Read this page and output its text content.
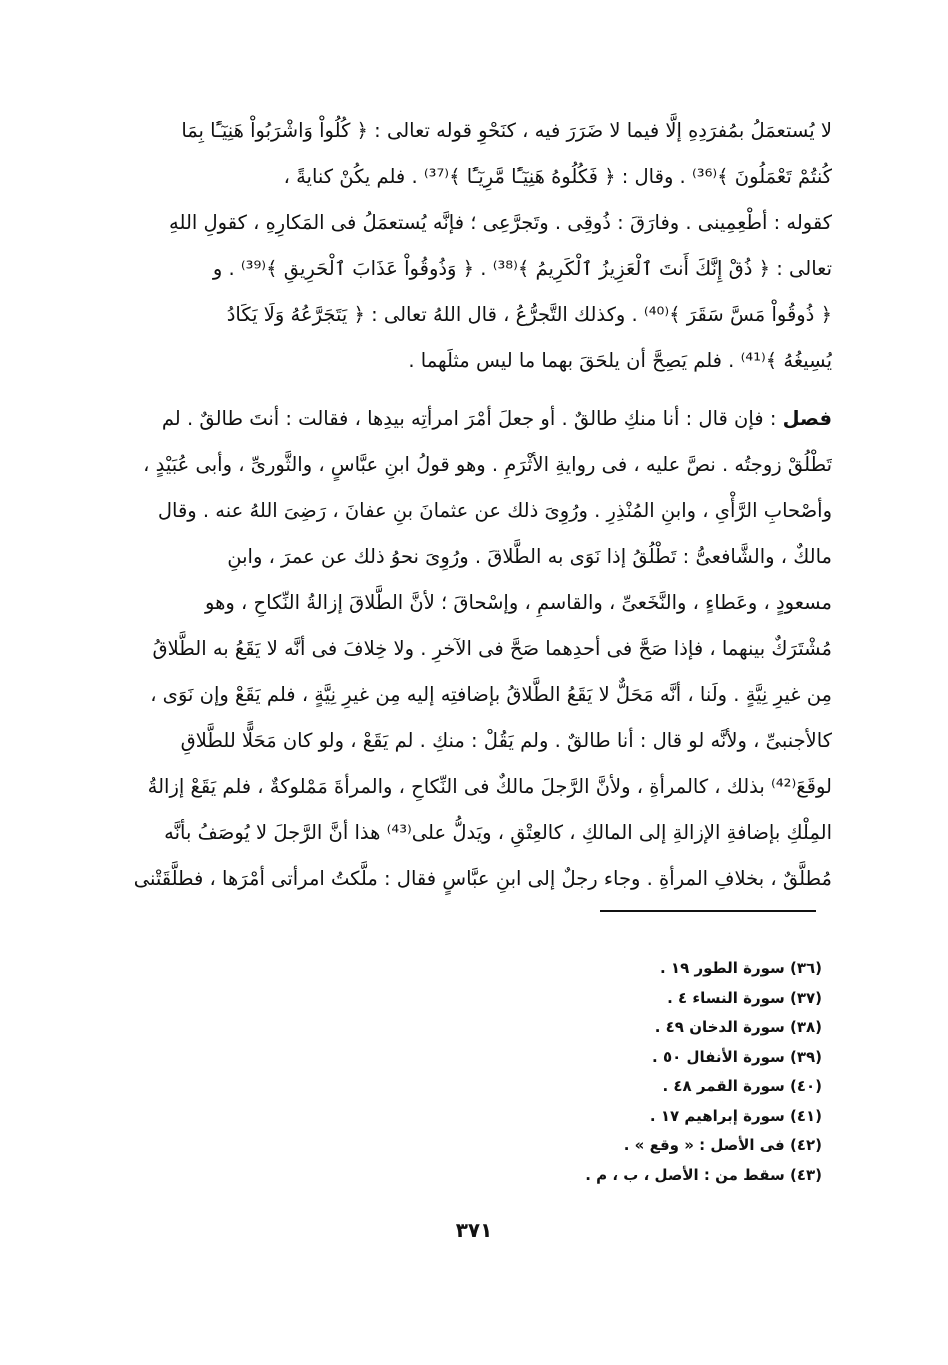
لا يُستعمَلُ بمُفرَدِهِ إلَّا فيما لا ضَرَرَ فيه ، كنَحْوِ قوله تعالى : ﴿ كُلُواْ وَاشْرَبُواْ هَنِيٓـًٔا بِمَا
كُنتُمْ تَعْمَلُونَ ﴾⁽³⁶⁾ . وقال : ﴿ فَكُلُوهُ هَنِيٓـًٔا مَّرِيٓـًٔا ﴾⁽³⁷⁾ . فلم يكُنْ كنايةً ،
كقوله : أطْعِمِينى . وفارَقَ : ذُوقِى . وتَجرَّعِى ؛ فإنَّه يُستعمَلُ فى المَكارِهِ ، كقولِ اللهِ
تعالى : ﴿ ذُقْ إِنَّكَ أَنتَ ٱلْعَزِيزُ ٱلْكَرِيمُ ﴾⁽³⁸⁾ . ﴿ وَذُوقُواْ عَذَابَ ٱلْحَرِيقِ ﴾⁽³⁹⁾ . و
﴿ ذُوقُواْ مَسَّ سَقَرَ ﴾⁽⁴⁰⁾ . وكذلك التَّجرُّعُ ، قال اللهُ تعالى : ﴿ يَتَجَرَّعُهُ وَلَا يَكَادُ
يُسِيغُهُ ﴾⁽⁴¹⁾ . فلم يَصِحَّ أن يلحَقَ بهما ما ليس مثلَهما .
فصل : فإن قال : أنا منكِ طالقٌ . أو جعلَ أمْرَ امرأتِه بيدِها ، فقالت : أنتَ طالقٌ . لم
تَطْلُقْ زوجتُه . نصَّ عليه ، فى روايةِ الأثْرَمِ . وهو قولُ ابنِ عبَّاسٍ ، والثَّورىِّ ، وأبى عُبَيْدٍ ،
وأصْحابِ الرَّأْىِ ، وابنِ المُنْذِرِ . ورُوِىَ ذلك عن عثمانَ بنِ عفانَ ، رَضِىَ اللهُ عنه . وقال
مالكٌ ، والشَّافعىُّ : تَطْلُقُ إذا نَوَى به الطَّلاقَ . ورُوِىَ نحوُ ذلك عن عمرَ ، وابنِ
مسعودٍ ، وعَطاءٍ ، والنَّخَعىِّ ، والقاسمِ ، وإسْحاقَ ؛ لأنَّ الطَّلاقَ إزالةُ النِّكاحِ ، وهو
مُشْتَرَكٌ بينهما ، فإذا صَحَّ فى أحدِهما صَحَّ فى الآخرِ . ولا خِلافَ فى أنَّه لا يَقَعُ به الطَّلاقُ
مِن غيرِ نِيَّةٍ . ولَنا ، أنَّه مَحَلٌّ لا يَقَعُ الطَّلاقُ بإضافتِه إليه مِن غيرِ نِيَّةٍ ، فلم يَقَعْ وإن نَوَى ،
كالأجنبىِّ ، ولأنَّه لو قال : أنا طالقٌ . ولم يَقُلْ : منكِ . لم يَقَعْ ، ولو كان مَحَلًّا للطَّلاقِ
لوقَعَ⁽⁴²⁾ بذلك ، كالمرأةِ ، ولأنَّ الرَّجلَ مالكٌ فى النِّكاحِ ، والمرأةَ مَمْلوكةٌ ، فلم يَقَعْ إزالةُ
المِلْكِ بإضافةِ الإزالةِ إلى المالكِ ، كالعِتْقِ ، ويَدلُّ على⁽⁴³⁾ هذا أنَّ الرَّجلَ لا يُوصَفُ بأنَّه
مُطلَّقٌ ، بخلافِ المرأةِ . وجاء رجلٌ إلى ابنِ عبَّاسٍ فقال : ملَّكتُ امرأتى أمْرَها ، فطلَّقَتْنى
(٣٦) سورة الطور ١٩ .
(٣٧) سورة النساء ٤ .
(٣٨) سورة الدخان ٤٩ .
(٣٩) سورة الأنفال ٥٠ .
(٤٠) سورة القمر ٤٨ .
(٤١) سورة إبراهيم ١٧ .
(٤٢) فى الأصل : « وقع » .
(٤٣) سقط من : الأصل ، ب ، م .
٣٧١
